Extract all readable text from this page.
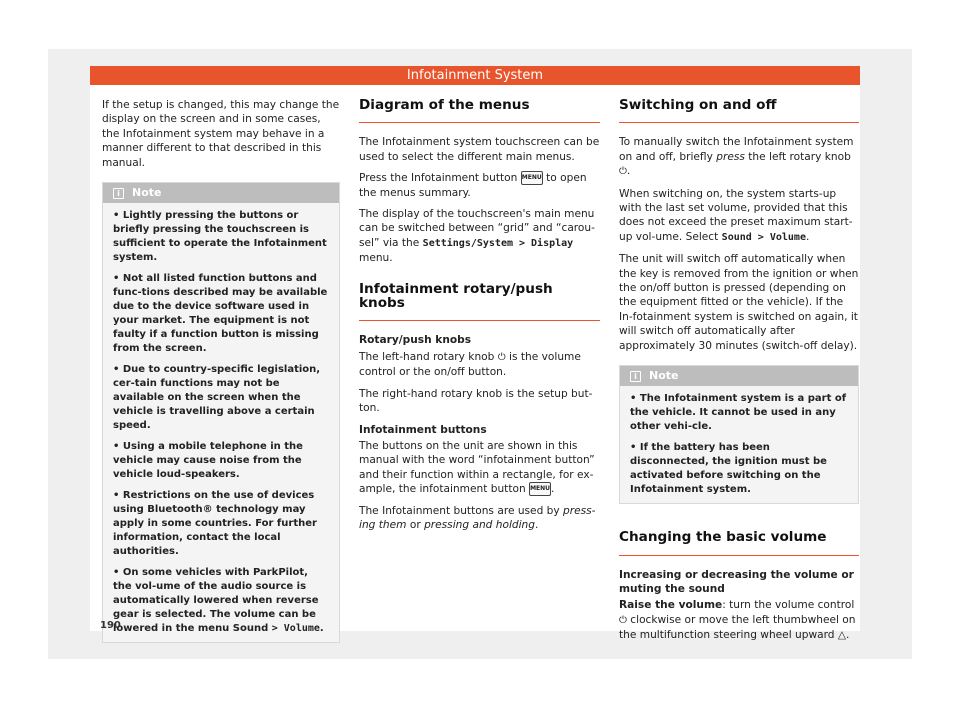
Infotainment System

If the setup is changed, this may change the display on the screen and in some cases, the Infotainment system may behave in a manner different to that described in this manual.

i Note
• Lightly pressing the buttons or briefly pressing the touchscreen is sufficient to operate the Infotainment system.
• Not all listed function buttons and func-tions described may be available due to the device software used in your market. The equipment is not faulty if a function button is missing from the screen.
• Due to country-specific legislation, cer-tain functions may not be available on the screen when the vehicle is travelling above a certain speed.
• Using a mobile telephone in the vehicle may cause noise from the vehicle loud-speakers.
• Restrictions on the use of devices using Bluetooth® technology may apply in some countries. For further information, contact the local authorities.
• On some vehicles with ParkPilot, the vol-ume of the audio source is automatically lowered when reverse gear is selected. The volume can be lowered in the menu Sound > Volume.
Diagram of the menus

The Infotainment system touchscreen can be used to select the different main menus.

Press the Infotainment button MENU to open the menus summary.

The display of the touchscreen's main menu can be switched between “grid” and “carou-sel” via the Settings/System > Display menu.

Infotainment rotary/push knobs
Rotary/push knobs

The left-hand rotary knob ⏻ is the volume control or the on/off button.

The right-hand rotary knob is the setup but-ton.

Infotainment buttons

The buttons on the unit are shown in this manual with the word “infotainment button” and their function within a rectangle, for ex-ample, the infotainment button MENU.

The Infotainment buttons are used by press-ing them or pressing and holding.

Switching on and off

To manually switch the Infotainment system on and off, briefly press the left rotary knob ⏻.

When switching on, the system starts-up with the last set volume, provided that this does not exceed the preset maximum start-up vol-ume. Select Sound > Volume.

The unit will switch off automatically when the key is removed from the ignition or when the on/off button is pressed (depending on the equipment fitted or the vehicle). If the In-fotainment system is switched on again, it will switch off automatically after approximately 30 minutes (switch-off delay).

i Note
• The Infotainment system is a part of the vehicle. It cannot be used in any other vehi-cle.
• If the battery has been disconnected, the ignition must be activated before switching on the Infotainment system.
Changing the basic volume
Increasing or decreasing the volume or muting the sound

Raise the volume: turn the volume control ⏻ clockwise or move the left thumbwheel on the multifunction steering wheel upward △.

190
